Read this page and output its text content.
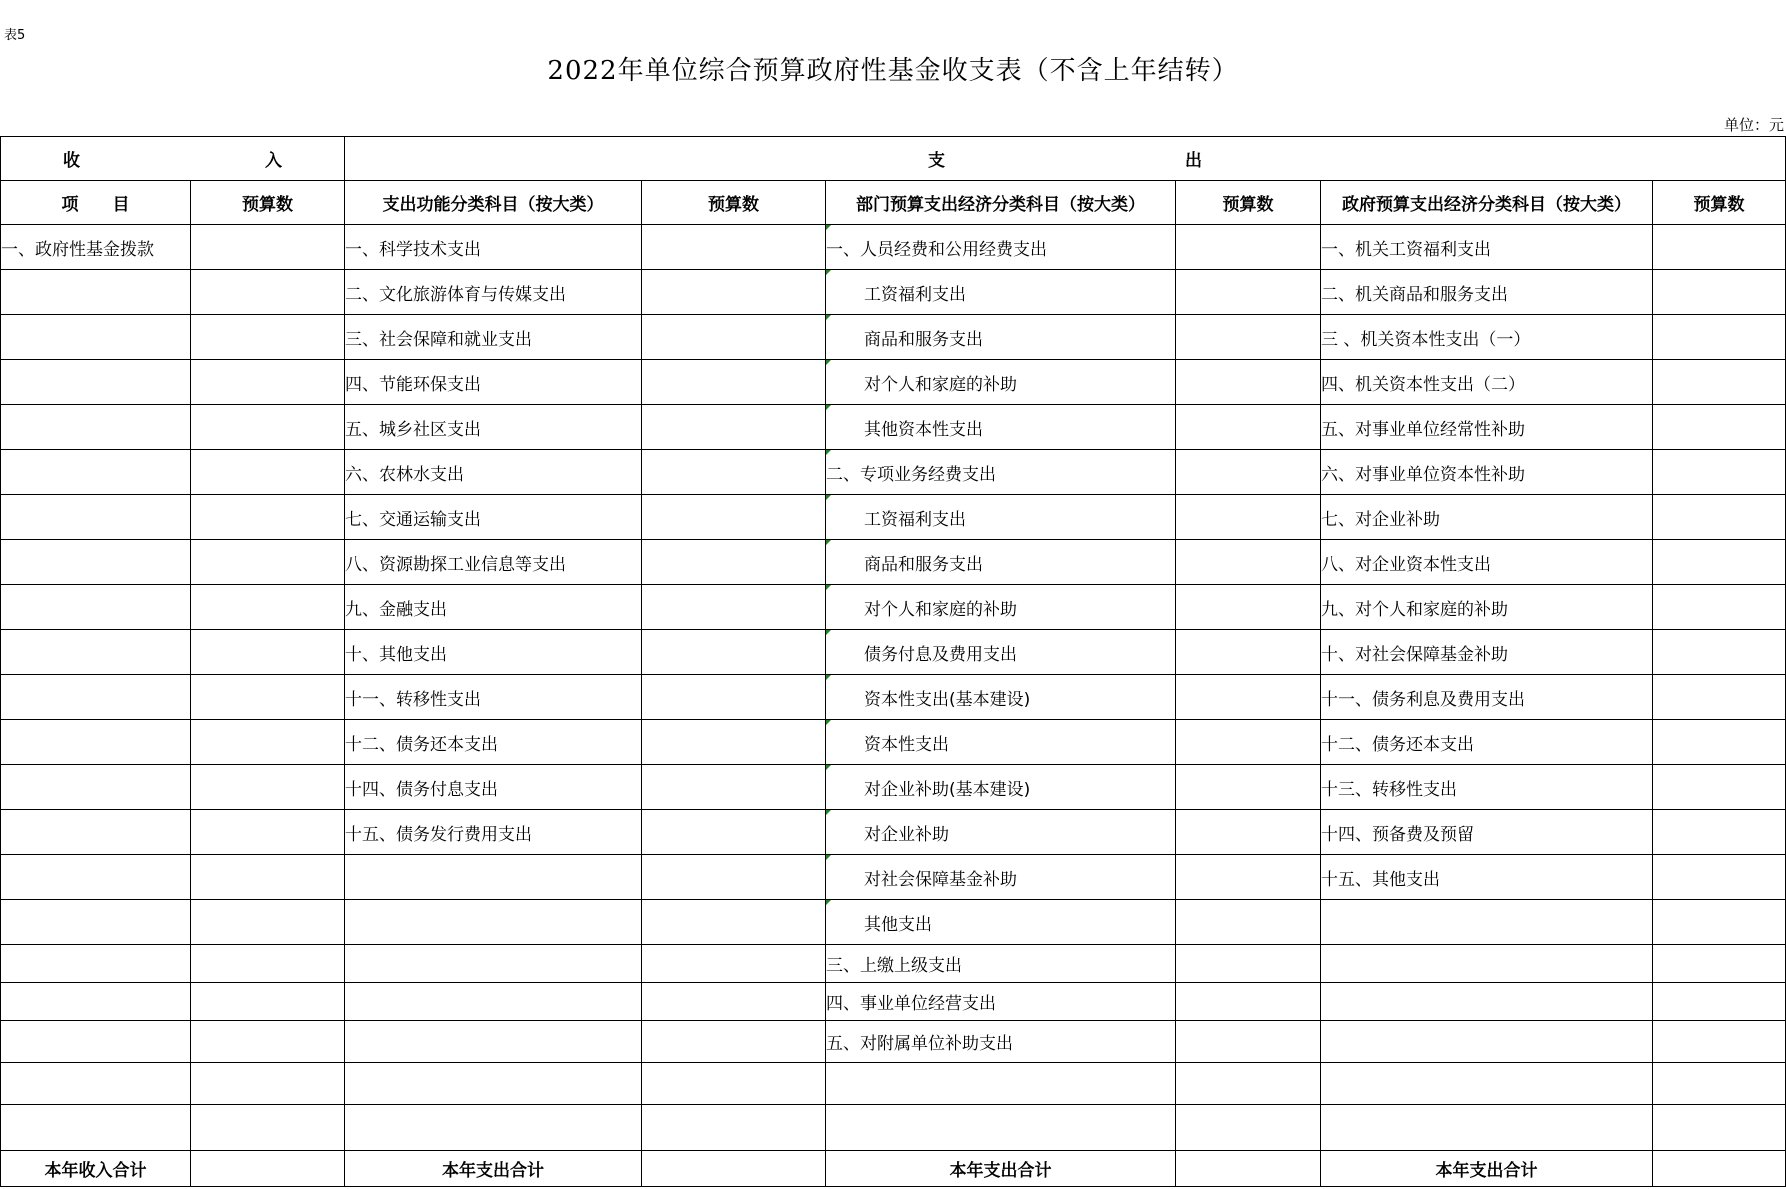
表5
2022年单位综合预算政府性基金收支表（不含上年结转）
单位：元
收 入		支 出					

项　　目	预算数	支出功能分类科目（按大类）	预算数	部门预算支出经济分类科目（按大类）	预算数	政府预算支出经济分类科目（按大类）	预算数
一、政府性基金拨款		一、科学技术支出		一、人员经费和公用经费支出		一、机关工资福利支出	
		二、文化旅游体育与传媒支出		工资福利支出		二、机关商品和服务支出	
		三、社会保障和就业支出		商品和服务支出		三 、机关资本性支出（一）	
		四、节能环保支出		对个人和家庭的补助		四、机关资本性支出（二）	
		五、城乡社区支出		其他资本性支出		五、对事业单位经常性补助	
		六、农林水支出		二、专项业务经费支出		六、对事业单位资本性补助	
		七、交通运输支出		工资福利支出		七、对企业补助	
		八、资源勘探工业信息等支出		商品和服务支出		八、对企业资本性支出	
		九、金融支出		对个人和家庭的补助		九、对个人和家庭的补助	
		十、其他支出		债务付息及费用支出		十、对社会保障基金补助	
		十一、转移性支出		资本性支出(基本建设)		十一、债务利息及费用支出	
		十二、债务还本支出		资本性支出		十二、债务还本支出	
		十四、债务付息支出		对企业补助(基本建设)		十三、转移性支出	
		十五、债务发行费用支出		对企业补助		十四、预备费及预留	
				对社会保障基金补助		十五、其他支出	
				其他支出			
				三、上缴上级支出			
				四、事业单位经营支出			
				五、对附属单位补助支出			

本年收入合计		本年支出合计		本年支出合计		本年支出合计	
